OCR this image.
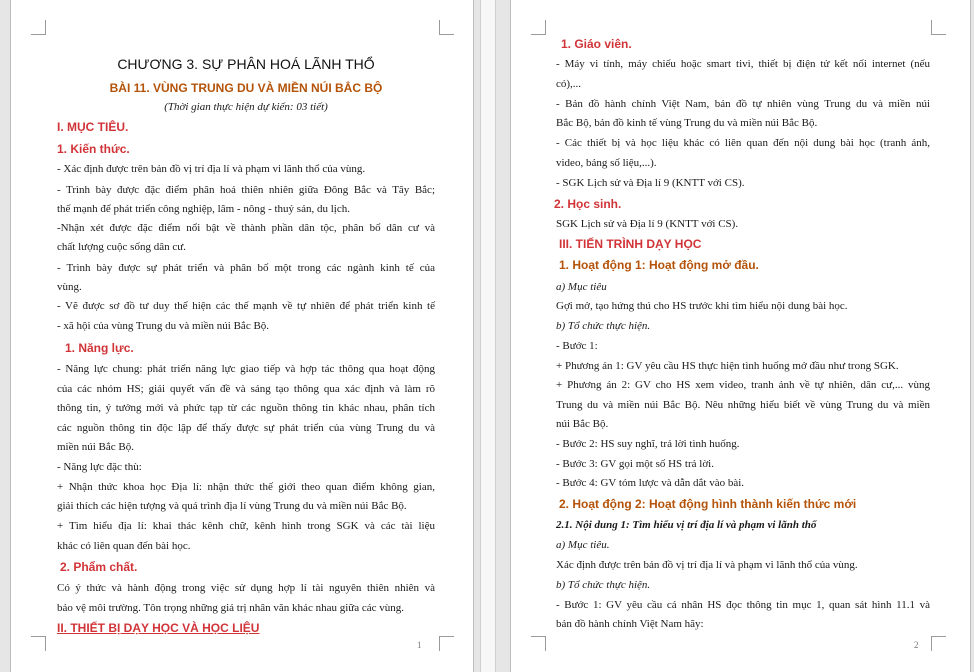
CHƯƠNG 3. SỰ PHÂN HOÁ LÃNH THỔ
BÀI 11. VÙNG TRUNG DU VÀ MIỀN NÚI BẮC BỘ
(Thời gian thực hiện dự kiến: 03 tiết)
I. MỤC TIÊU.
1. Kiến thức.
- Xác định được trên bản đồ vị trí địa lí và phạm vi lãnh thổ của vùng.
- Trình bày được đặc điểm phân hoá thiên nhiên giữa Đông Bắc và Tây Bắc;
thế mạnh để phát triển công nghiệp, lâm - nông - thuỷ sản, du lịch.
-Nhận xét được đặc điểm nổi bật về thành phần dân tộc, phân bố dân cư và
chất lượng cuộc sống dân cư.
- Trình bày được sự phát triển và phân bố một trong các ngành kinh tế của
vùng.
- Vẽ được sơ đồ tư duy thể hiện các thế mạnh về tự nhiên để phát triển kinh tế
- xã hội của vùng Trung du và miền núi Bắc Bộ.
1. Năng lực.
- Năng lực chung: phát triển năng lực giao tiếp và hợp tác thông qua hoạt động
của các nhóm HS; giải quyết vấn đề và sáng tạo thông qua xác định và làm rõ
thông tin, ý tưởng mới và phức tạp từ các nguồn thông tin khác nhau, phân tích
các nguồn thông tin độc lập để thấy được sự phát triển của vùng Trung du và
miền núi Bắc Bộ.
- Năng lực đặc thù:
+ Nhận thức khoa học Địa lí: nhận thức thế giới theo quan điểm không gian,
giải thích các hiện tượng và quá trình địa lí vùng Trung du và miền núi Bắc Bộ.
+ Tìm hiểu địa lí: khai thác kênh chữ, kênh hình trong SGK và các tài liệu
khác có liên quan đến bài học.
2. Phẩm chất.
Có ý thức và hành động trong việc sử dụng hợp lí tài nguyên thiên nhiên và
bảo vệ môi trường. Tôn trọng những giá trị nhân văn khác nhau giữa các vùng.
II. THIẾT BỊ DẠY HỌC VÀ HỌC LIỆU
1
1. Giáo viên.
- Máy vi tính, máy chiếu hoặc smart tivi, thiết bị điện tử kết nối internet (nếu
có),...
- Bản đồ hành chính Việt Nam, bản đồ tự nhiên vùng Trung du và miền núi
Bắc Bộ, bản đồ kinh tế vùng Trung du và miền núi Bắc Bộ.
- Các thiết bị và học liệu khác có liên quan đến nội dung bài học (tranh ảnh,
video, bảng số liệu,...).
- SGK Lịch sử và Địa lí 9 (KNTT với CS).
2. Học sinh.
SGK Lịch sử và Địa lí 9 (KNTT với CS).
III. TIẾN TRÌNH DẠY HỌC
1. Hoạt động 1: Hoạt động mở đầu.
a) Mục tiêu
Gợi mở, tạo hứng thú cho HS trước khi tìm hiểu nội dung bài học.
b) Tổ chức thực hiện.
- Bước 1:
+ Phương án 1: GV yêu cầu HS thực hiện tình huống mở đầu như trong SGK.
+ Phương án 2: GV cho HS xem video, tranh ảnh về tự nhiên, dân cư,... vùng
Trung du và miền núi Bắc Bộ. Nêu những hiểu biết về vùng Trung du và miền
núi Bắc Bộ.
- Bước 2: HS suy nghĩ, trả lời tình huống.
- Bước 3: GV gọi một số HS trả lời.
- Bước 4: GV tóm lược và dẫn dắt vào bài.
2. Hoạt động 2: Hoạt động hình thành kiến thức mới
2.1. Nội dung 1: Tìm hiểu vị trí địa lí và phạm vi lãnh thổ
a) Mục tiêu.
Xác định được trên bản đồ vị trí địa lí và phạm vi lãnh thổ của vùng.
b) Tổ chức thực hiện.
- Bước 1: GV yêu cầu cá nhân HS đọc thông tin mục 1, quan sát hình 11.1 và
bản đồ hành chính Việt Nam hãy:
2
